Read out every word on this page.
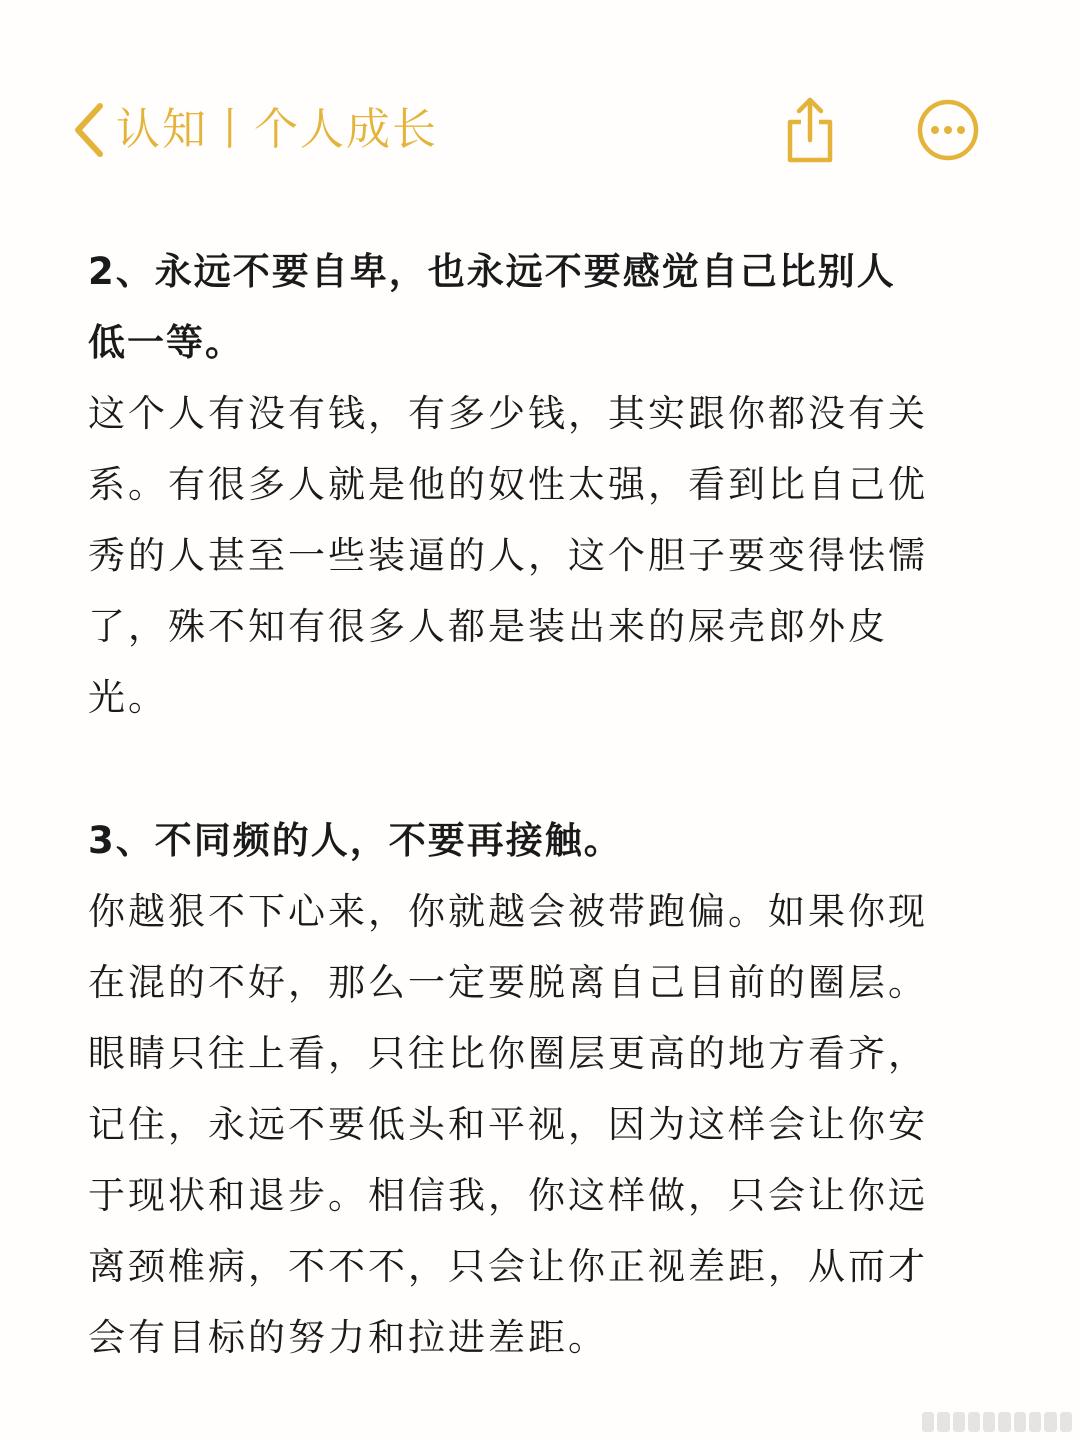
认知丨个人成长

2、永远不要自卑，也永远不要感觉自己比别人
低一等。

这个人有没有钱，有多少钱，其实跟你都没有关
系。有很多人就是他的奴性太强，看到比自己优
秀的人甚至一些装逼的人，这个胆子要变得怯懦
了，殊不知有很多人都是装出来的屎壳郎外皮
光。

3、不同频的人，不要再接触。

你越狠不下心来，你就越会被带跑偏。如果你现
在混的不好，那么一定要脱离自己目前的圈层。
眼睛只往上看，只往比你圈层更高的地方看齐，
记住，永远不要低头和平视，因为这样会让你安
于现状和退步。相信我，你这样做，只会让你远
离颈椎病，不不不，只会让你正视差距，从而才
会有目标的努力和拉进差距。
